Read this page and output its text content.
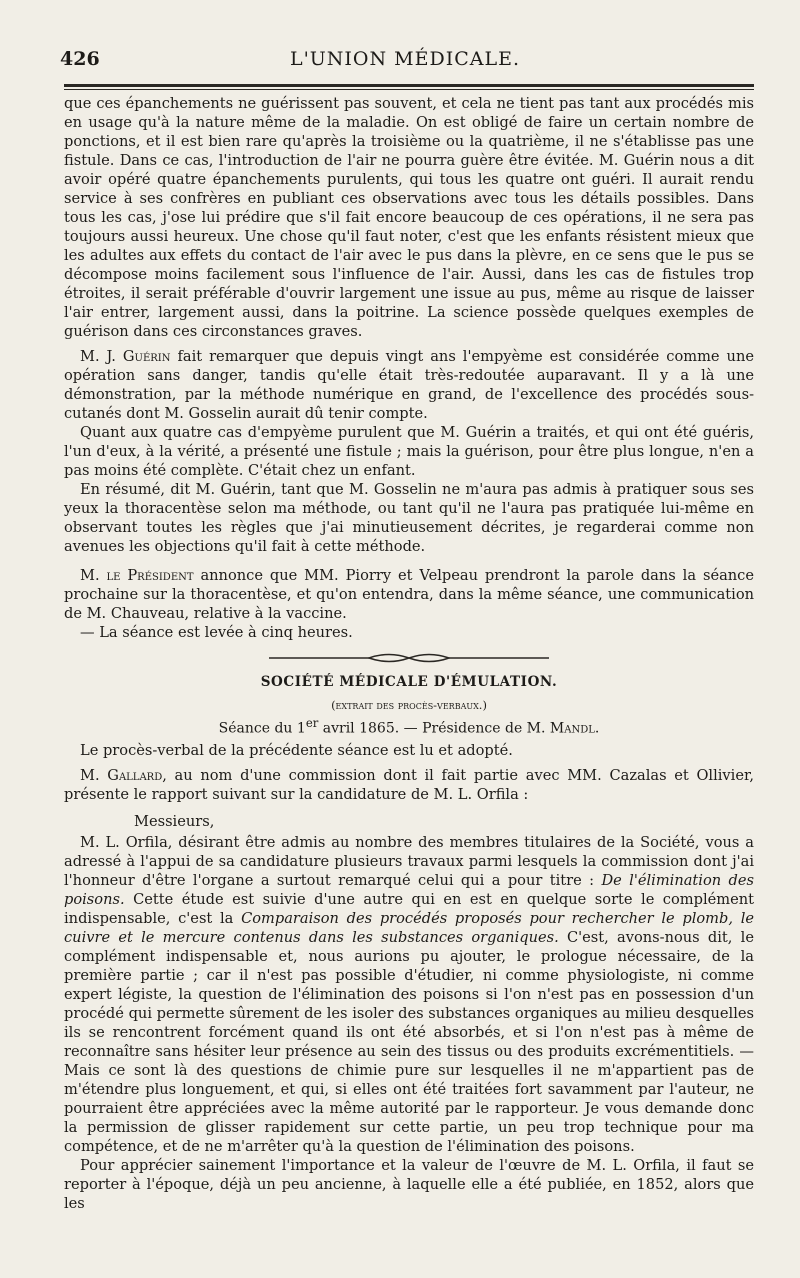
426	L'UNION MÉDICALE.

que ces épanchements ne guérissent pas souvent, et cela ne tient pas tant aux procédés mis en usage qu'à la nature même de la maladie. On est obligé de faire un certain nombre de ponctions, et il est bien rare qu'après la troisième ou la quatrième, il ne s'établisse pas une fistule. Dans ce cas, l'introduction de l'air ne pourra guère être évitée. M. Guérin nous a dit avoir opéré quatre épanchements purulents, qui tous les quatre ont guéri. Il aurait rendu service à ses confrères en publiant ces observations avec tous les détails possibles. Dans tous les cas, j'ose lui prédire que s'il fait encore beaucoup de ces opérations, il ne sera pas toujours aussi heureux. Une chose qu'il faut noter, c'est que les enfants résistent mieux que les adultes aux effets du contact de l'air avec le pus dans la plèvre, en ce sens que le pus se décompose moins facilement sous l'influence de l'air. Aussi, dans les cas de fistules trop étroites, il serait préférable d'ouvrir largement une issue au pus, même au risque de laisser l'air entrer, largement aussi, dans la poitrine. La science possède quelques exemples de guérison dans ces circonstances graves.

M. J. Guérin fait remarquer que depuis vingt ans l'empyème est considérée comme une opération sans danger, tandis qu'elle était très-redoutée auparavant. Il y a là une démonstration, par la méthode numérique en grand, de l'excellence des procédés sous-cutanés dont M. Gosselin aurait dû tenir compte.

Quant aux quatre cas d'empyème purulent que M. Guérin a traités, et qui ont été guéris, l'un d'eux, à la vérité, a présenté une fistule ; mais la guérison, pour être plus longue, n'en a pas moins été complète. C'était chez un enfant.

En résumé, dit M. Guérin, tant que M. Gosselin ne m'aura pas admis à pratiquer sous ses yeux la thoracentèse selon ma méthode, ou tant qu'il ne l'aura pas pratiquée lui-même en observant toutes les règles que j'ai minutieusement décrites, je regarderai comme non avenues les objections qu'il fait à cette méthode.

M. le Président annonce que MM. Piorry et Velpeau prendront la parole dans la séance prochaine sur la thoracentèse, et qu'on entendra, dans la même séance, une communication de M. Chauveau, relative à la vaccine.

— La séance est levée à cinq heures.

SOCIÉTÉ MÉDICALE D'ÉMULATION.
(extrait des procès-verbaux.)
Séance du 1er avril 1865. — Présidence de M. Mandl.

Le procès-verbal de la précédente séance est lu et adopté.

M. Gallard, au nom d'une commission dont il fait partie avec MM. Cazalas et Ollivier, présente le rapport suivant sur la candidature de M. L. Orfila :

Messieurs,

M. L. Orfila, désirant être admis au nombre des membres titulaires de la Société, vous a adressé à l'appui de sa candidature plusieurs travaux parmi lesquels la commission dont j'ai l'honneur d'être l'organe a surtout remarqué celui qui a pour titre : De l'élimination des poisons. Cette étude est suivie d'une autre qui en est en quelque sorte le complément indispensable, c'est la Comparaison des procédés proposés pour rechercher le plomb, le cuivre et le mercure contenus dans les substances organiques. C'est, avons-nous dit, le complément indispensable et, nous aurions pu ajouter, le prologue nécessaire, de la première partie ; car il n'est pas possible d'étudier, ni comme physiologiste, ni comme expert légiste, la question de l'élimination des poisons si l'on n'est pas en possession d'un procédé qui permette sûrement de les isoler des substances organiques au milieu desquelles ils se rencontrent forcément quand ils ont été absorbés, et si l'on n'est pas à même de reconnaître sans hésiter leur présence au sein des tissus ou des produits excrémentitiels. — Mais ce sont là des questions de chimie pure sur lesquelles il ne m'appartient pas de m'étendre plus longuement, et qui, si elles ont été traitées fort savamment par l'auteur, ne pourraient être appréciées avec la même autorité par le rapporteur. Je vous demande donc la permission de glisser rapidement sur cette partie, un peu trop technique pour ma compétence, et de ne m'arrêter qu'à la question de l'élimination des poisons.

Pour apprécier sainement l'importance et la valeur de l'œuvre de M. L. Orfila, il faut se reporter à l'époque, déjà un peu ancienne, à laquelle elle a été publiée, en 1852, alors que les
